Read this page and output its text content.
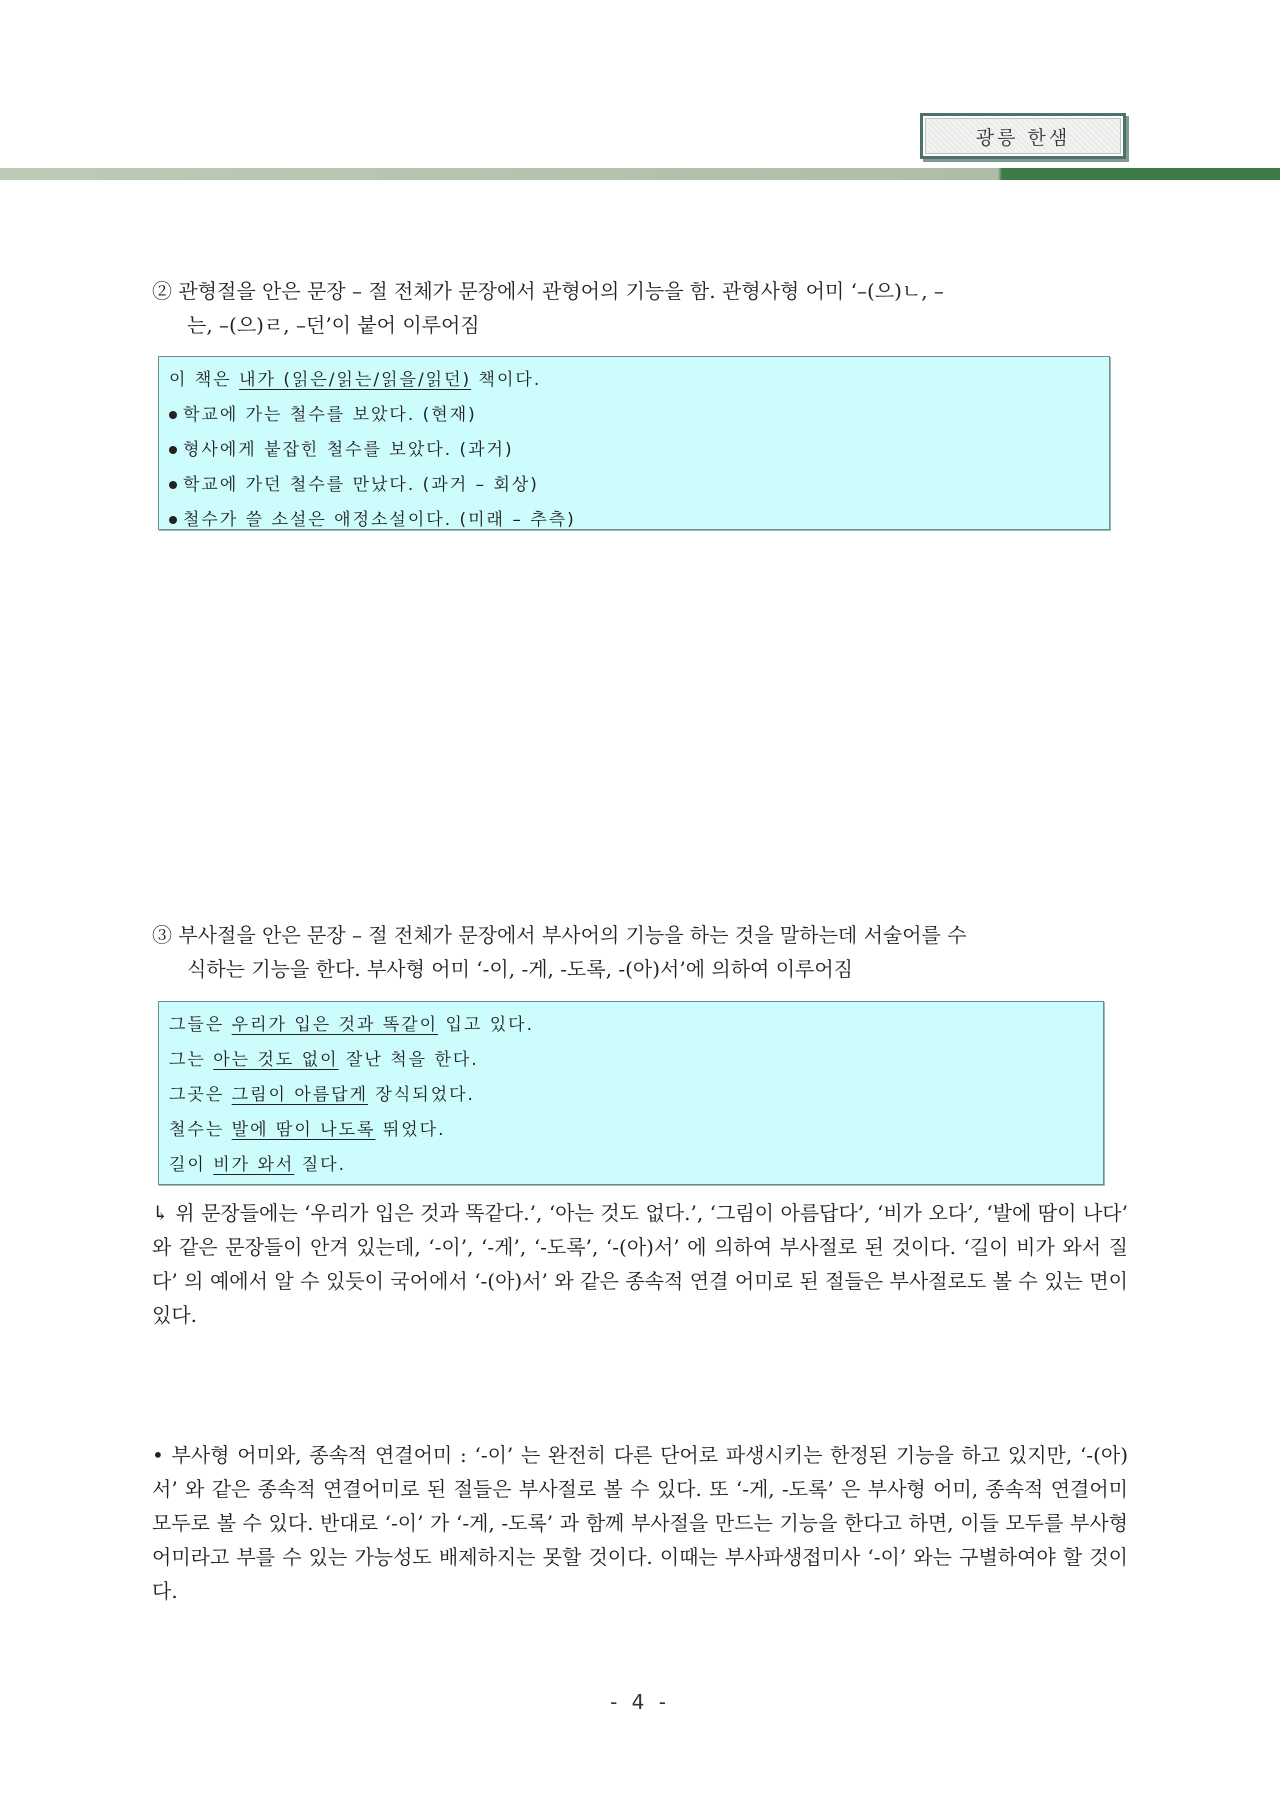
광릉 한샘
② 관형절을 안은 문장 – 절 전체가 문장에서 관형어의 기능을 함. 관형사형 어미 ‘–(으)ㄴ, –
는, –(으)ㄹ, –던’이 붙어 이루어짐
이 책은 내가 (읽은/읽는/읽을/읽던) 책이다.
학교에 가는 철수를 보았다. (현재)
형사에게 붙잡힌 철수를 보았다. (과거)
학교에 가던 철수를 만났다. (과거 – 회상)
철수가 쓸 소설은 애정소설이다. (미래 – 추측)
③ 부사절을 안은 문장 – 절 전체가 문장에서 부사어의 기능을 하는 것을 말하는데 서술어를 수
식하는 기능을 한다. 부사형 어미 ‘-이, -게, -도록, -(아)서’에 의하여 이루어짐
그들은 우리가 입은 것과 똑같이 입고 있다.
그는 아는 것도 없이 잘난 척을 한다.
그곳은 그림이 아름답게 장식되었다.
철수는 발에 땀이 나도록 뛰었다.
길이 비가 와서 질다.
↳ 위 문장들에는 ‘우리가 입은 것과 똑같다.’, ‘아는 것도 없다.’, ‘그림이 아름답다’, ‘비가 오다’, ‘발에 땀이 나다’ 와 같은 문장들이 안겨 있는데, ‘-이’, ‘-게’, ‘-도록’, ‘-(아)서’ 에 의하여 부사절로 된 것이다. ‘길이 비가 와서 질다’ 의 예에서 알 수 있듯이 국어에서 ‘-(아)서’ 와 같은 종속적 연결 어미로 된 절들은 부사절로도 볼 수 있는 면이 있다.
• 부사형 어미와, 종속적 연결어미 : ‘-이’ 는 완전히 다른 단어로 파생시키는 한정된 기능을 하고 있지만, ‘-(아)서’ 와 같은 종속적 연결어미로 된 절들은 부사절로 볼 수 있다. 또 ‘-게, -도록’ 은 부사형 어미, 종속적 연결어미 모두로 볼 수 있다. 반대로 ‘-이’ 가 ‘-게, -도록’ 과 함께 부사절을 만드는 기능을 한다고 하면, 이들 모두를 부사형 어미라고 부를 수 있는 가능성도 배제하지는 못할 것이다. 이때는 부사파생접미사 ‘-이’ 와는 구별하여야 할 것이다.
- 4 -
